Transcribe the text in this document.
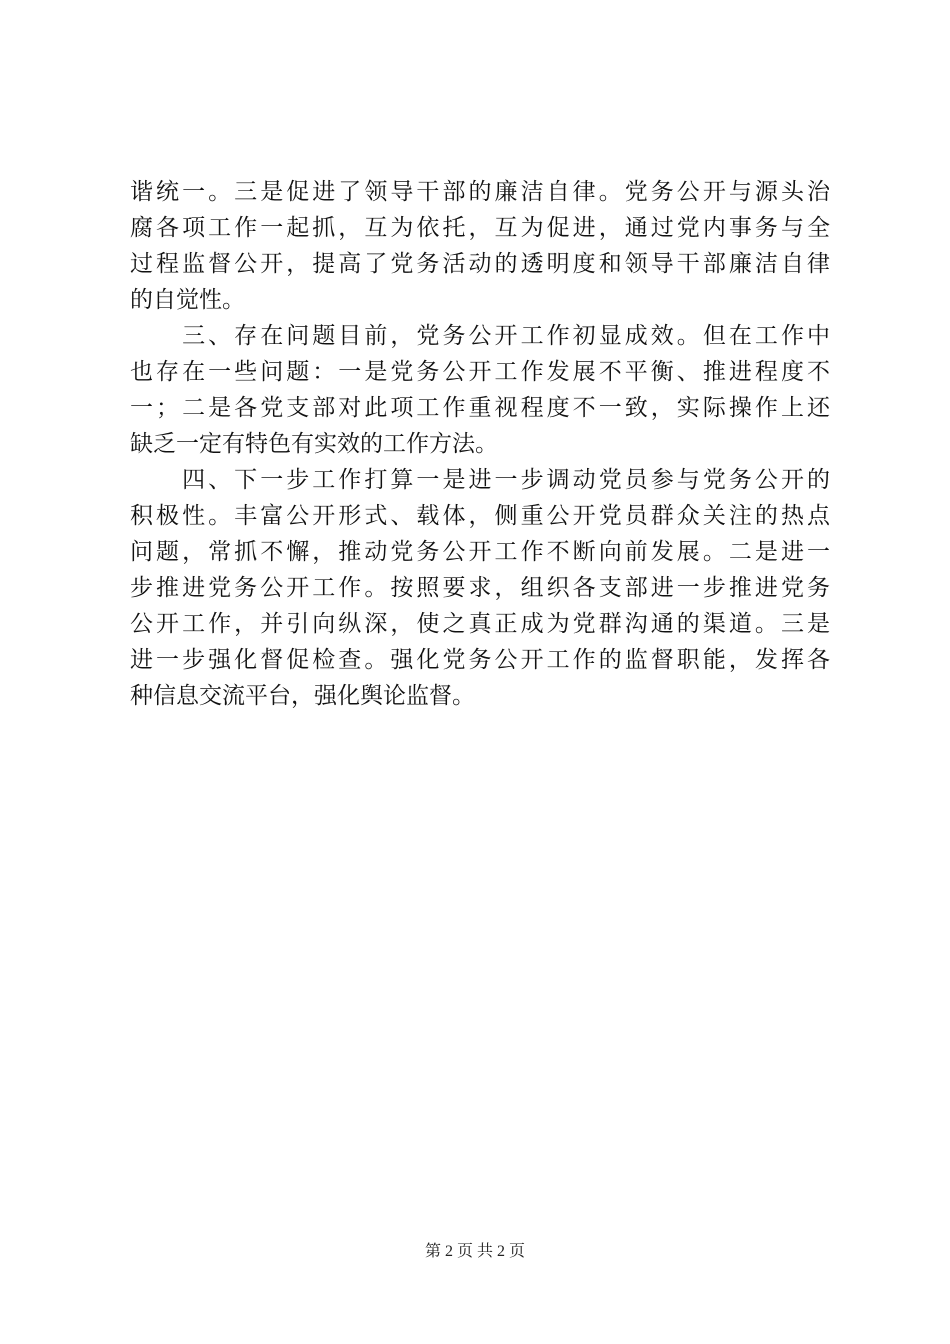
谐统一。三是促进了领导干部的廉洁自律。党务公开与源头治
腐各项工作一起抓，互为依托，互为促进，通过党内事务与全
过程监督公开，提高了党务活动的透明度和领导干部廉洁自律
的自觉性。
　　三、存在问题目前，党务公开工作初显成效。但在工作中
也存在一些问题：一是党务公开工作发展不平衡、推进程度不
一；二是各党支部对此项工作重视程度不一致，实际操作上还
缺乏一定有特色有实效的工作方法。
　　四、下一步工作打算一是进一步调动党员参与党务公开的
积极性。丰富公开形式、载体，侧重公开党员群众关注的热点
问题，常抓不懈，推动党务公开工作不断向前发展。二是进一
步推进党务公开工作。按照要求，组织各支部进一步推进党务
公开工作，并引向纵深，使之真正成为党群沟通的渠道。三是
进一步强化督促检查。强化党务公开工作的监督职能，发挥各
种信息交流平台，强化舆论监督。
第 2 页 共 2 页
